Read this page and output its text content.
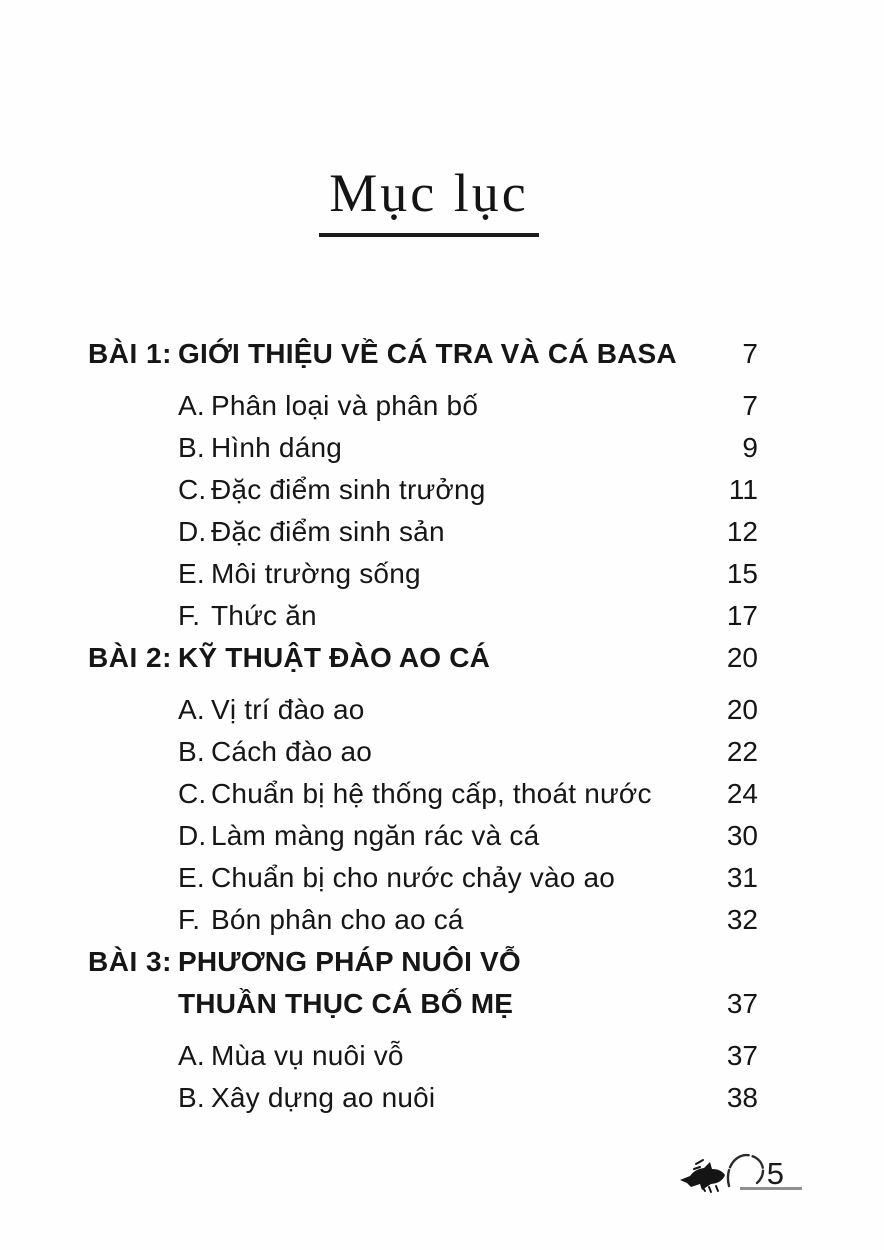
Mục lục
BÀI 1: GIỚI THIỆU VỀ CÁ TRA VÀ CÁ BASA	7
A. Phân loại và phân bố	7
B. Hình dáng	9
C. Đặc điểm sinh trưởng	11
D. Đặc điểm sinh sản	12
E. Môi trường sống	15
F. Thức ăn	17
BÀI 2: KỸ THUẬT ĐÀO AO CÁ	20
A. Vị trí đào ao	20
B. Cách đào ao	22
C. Chuẩn bị hệ thống cấp, thoát nước	24
D. Làm màng ngăn rác và cá	30
E. Chuẩn bị cho nước chảy vào ao	31
F. Bón phân cho ao cá	32
BÀI 3: PHƯƠNG PHÁP NUÔI VỖ
THUẦN THỤC CÁ BỐ MẸ	37
A. Mùa vụ nuôi vỗ	37
B. Xây dựng ao nuôi	38
5
